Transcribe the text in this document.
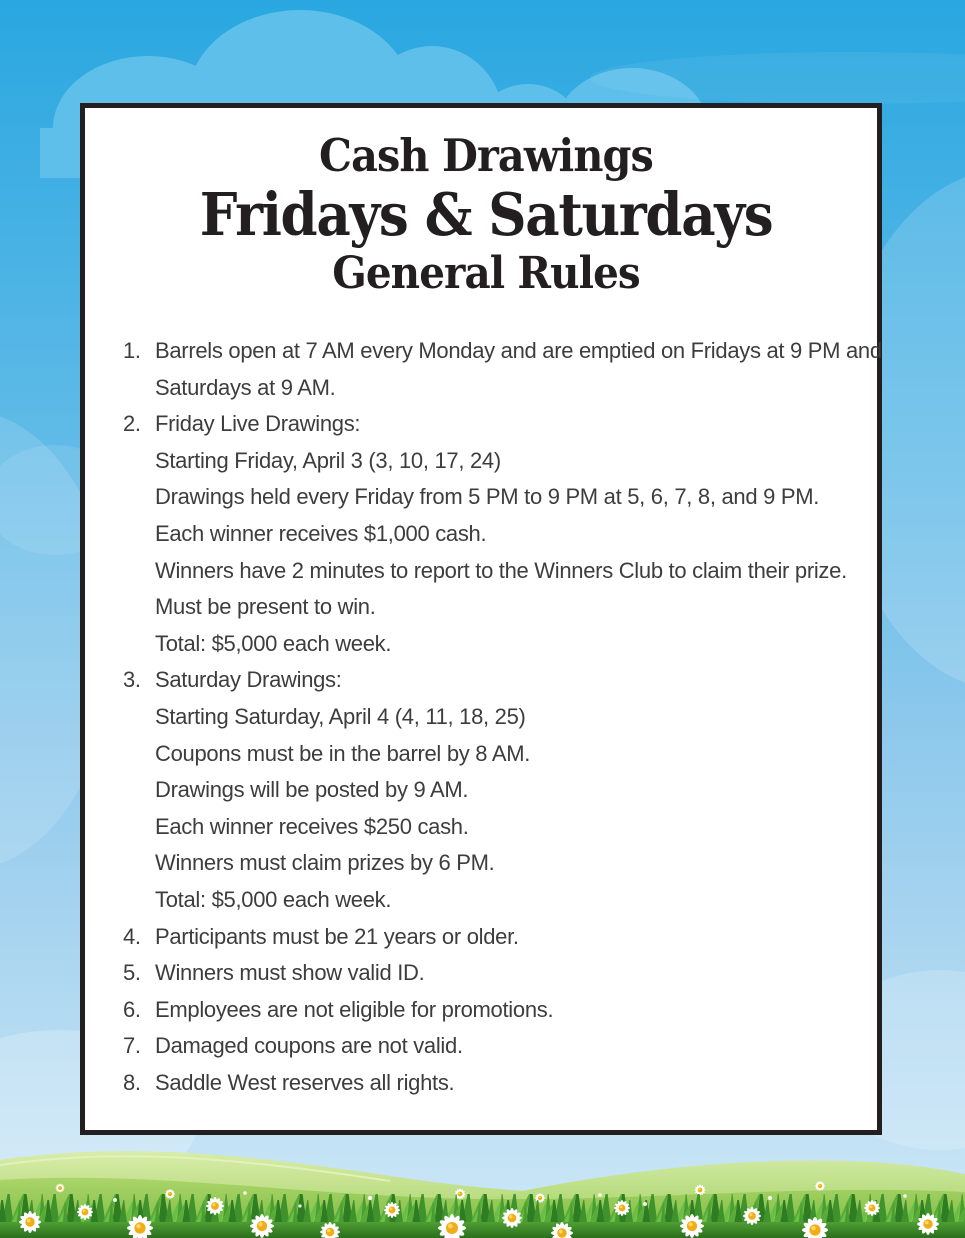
Cash Drawings
Fridays & Saturdays
General Rules
1. Barrels open at 7 AM every Monday and are emptied on Fridays at 9 PM and
Saturdays at 9 AM.
2. Friday Live Drawings:
Starting Friday, April 3 (3, 10, 17, 24)
Drawings held every Friday from 5 PM to 9 PM at 5, 6, 7, 8, and 9 PM.
Each winner receives $1,000 cash.
Winners have 2 minutes to report to the Winners Club to claim their prize.
Must be present to win.
Total: $5,000 each week.
3. Saturday Drawings:
Starting Saturday, April 4 (4, 11, 18, 25)
Coupons must be in the barrel by 8 AM.
Drawings will be posted by 9 AM.
Each winner receives $250 cash.
Winners must claim prizes by 6 PM.
Total: $5,000 each week.
4. Participants must be 21 years or older.
5. Winners must show valid ID.
6. Employees are not eligible for promotions.
7. Damaged coupons are not valid.
8. Saddle West reserves all rights.
